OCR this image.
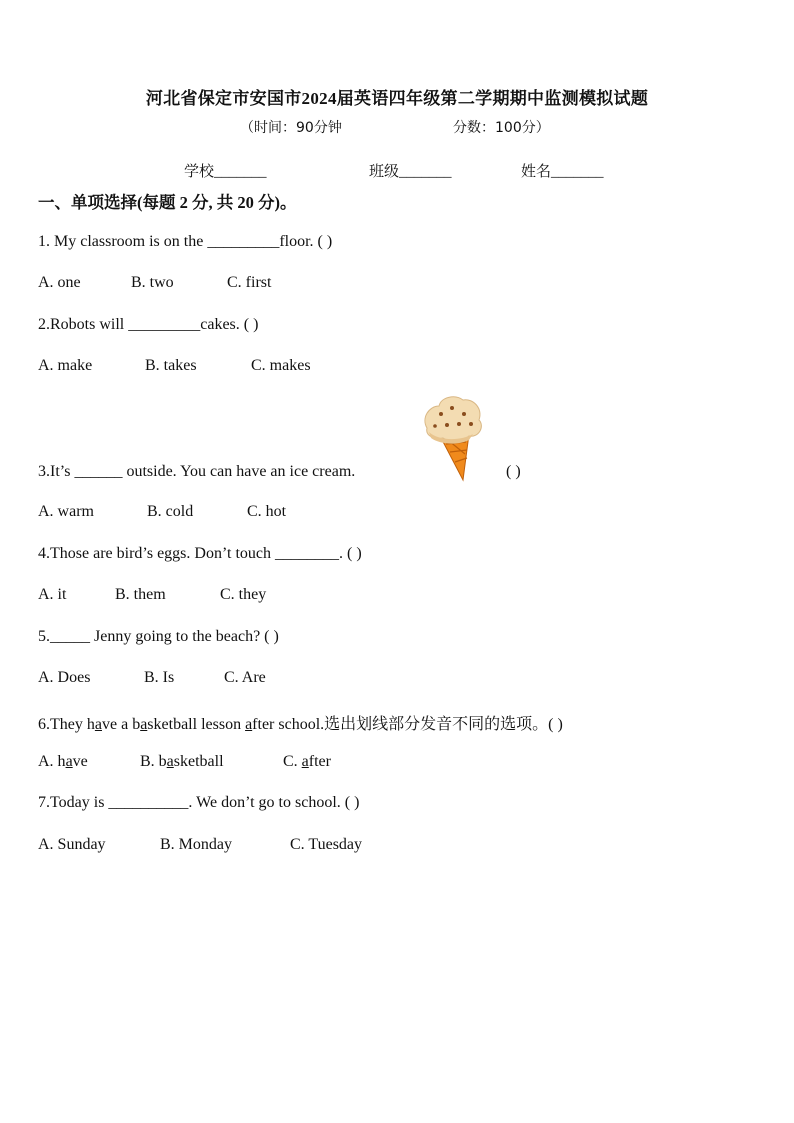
河北省保定市安国市2024届英语四年级第二学期期中监测模拟试题
（时间：90分钟	分数：100分）
学校_______	班级_______	姓名_______
一、单项选择(每题 2 分, 共 20 分)。
1. My classroom is on the _________floor. ( )
A. one	B. two	C. first
2.Robots will _________cakes. ( )
A. make	B. takes	C. makes
3.It’s ______ outside. You can have an ice cream.	( )
A. warm	B. cold	C. hot
4.Those are bird’s eggs. Don’t touch ________. ( )
A. it	B. them	C. they
5._____ Jenny going to the beach? ( )
A. Does	B. Is	C. Are
6.They have a basketball lesson after school.选出划线部分发音不同的选项。( )
A. have	B. basketball	C. after
7.Today is __________. We don’t go to school. ( )
A. Sunday	B. Monday	C. Tuesday
